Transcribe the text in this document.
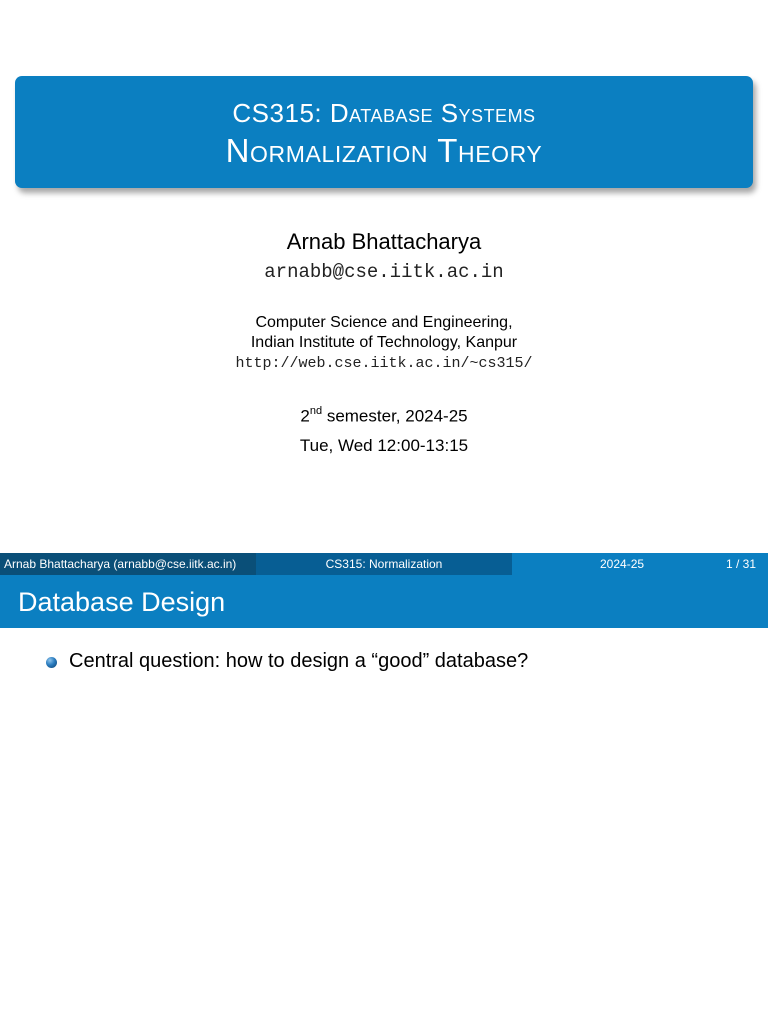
CS315: Database Systems
Normalization Theory
Arnab Bhattacharya
arnabb@cse.iitk.ac.in
Computer Science and Engineering,
Indian Institute of Technology, Kanpur
http://web.cse.iitk.ac.in/~cs315/
2nd semester, 2024-25
Tue, Wed 12:00-13:15
Arnab Bhattacharya (arnabb@cse.iitk.ac.in)	CS315: Normalization	2024-25	1 / 31
Database Design
Central question: how to design a “good” database?
